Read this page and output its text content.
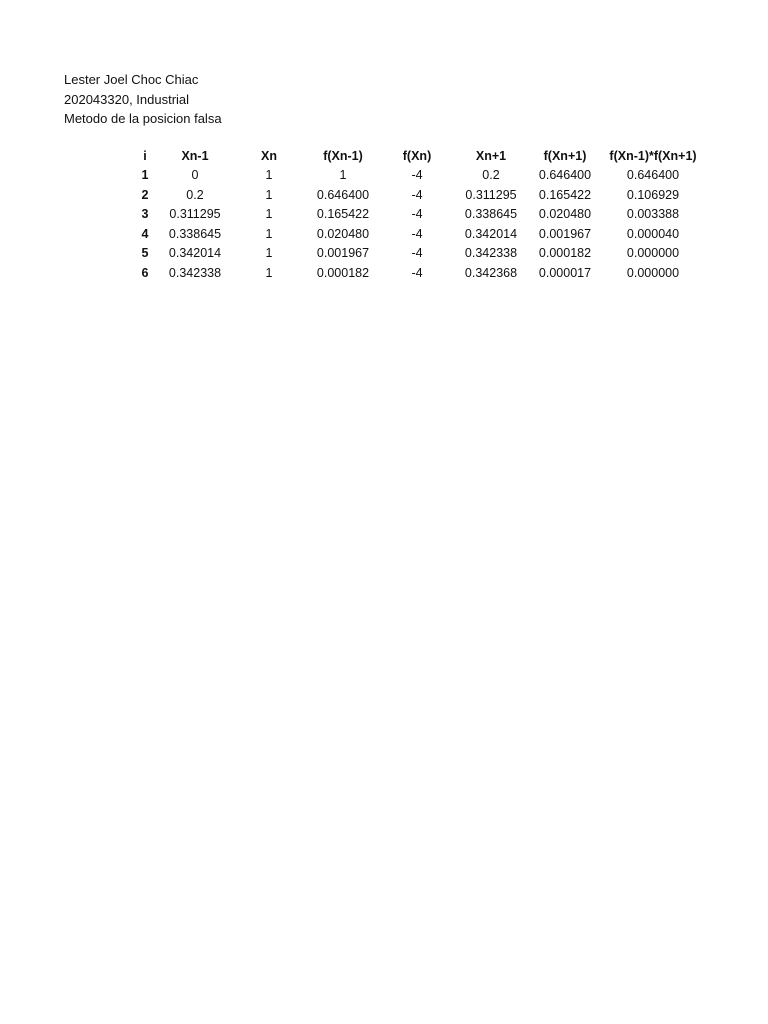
Lester Joel Choc Chiac
202043320, Industrial
Metodo de la posicion falsa
i	Xn-1	Xn	f(Xn-1)	f(Xn)	Xn+1	f(Xn+1)	f(Xn-1)*f(Xn+1)
1	0	1	1	-4	0.2	0.646400	0.646400
2	0.2	1	0.646400	-4	0.311295	0.165422	0.106929
3	0.311295	1	0.165422	-4	0.338645	0.020480	0.003388
4	0.338645	1	0.020480	-4	0.342014	0.001967	0.000040
5	0.342014	1	0.001967	-4	0.342338	0.000182	0.000000
6	0.342338	1	0.000182	-4	0.342368	0.000017	0.000000
